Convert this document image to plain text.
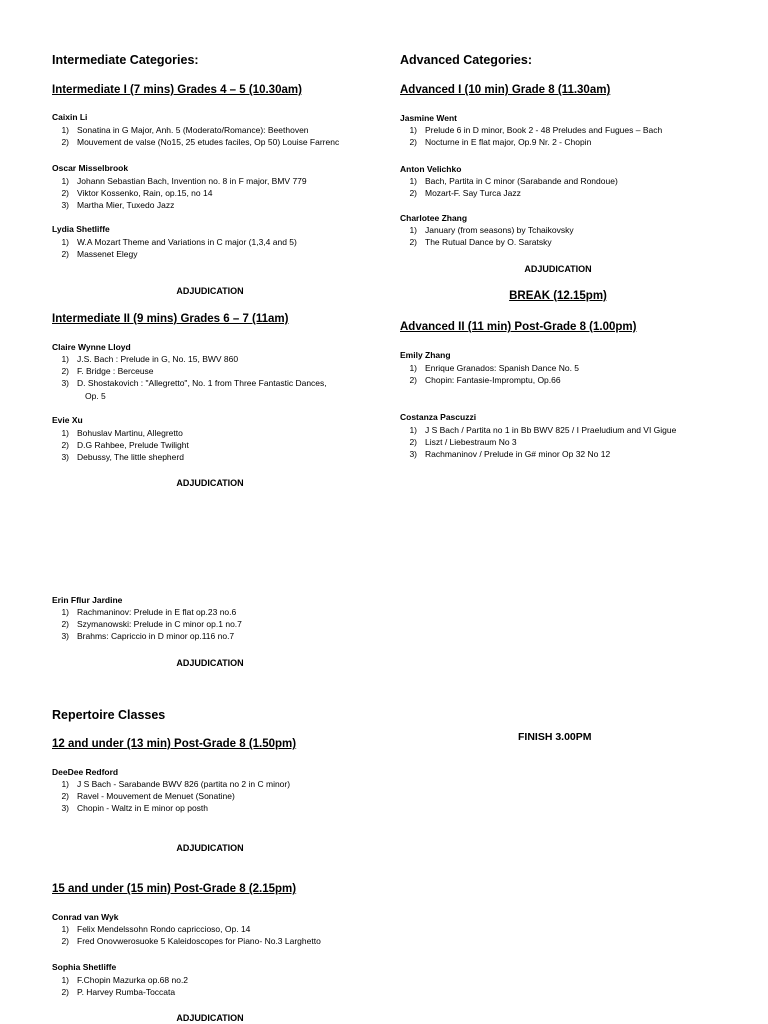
Intermediate Categories:
Intermediate I (7 mins) Grades 4 – 5 (10.30am)
Caixin Li
1) Sonatina in G Major, Anh. 5 (Moderato/Romance): Beethoven
2) Mouvement de valse (No15, 25 etudes faciles, Op 50) Louise Farrenc
Oscar Misselbrook
1) Johann Sebastian Bach, Invention no. 8 in F major, BMV 779
2) Viktor Kossenko, Rain, op.15, no 14
3) Martha Mier, Tuxedo Jazz
Lydia Shetliffe
1) W.A Mozart Theme and Variations in C major (1,3,4 and 5)
2) Massenet Elegy
ADJUDICATION
Intermediate II (9 mins) Grades 6 – 7 (11am)
Claire Wynne Lloyd
1) J.S. Bach : Prelude in G, No. 15, BWV 860
2) F. Bridge : Berceuse
3) D. Shostakovich : "Allegretto", No. 1 from Three Fantastic Dances,
Op. 5
Evie Xu
1) Bohuslav Martinu, Allegretto
2) D.G Rahbee, Prelude Twilight
3) Debussy, The little shepherd
ADJUDICATION
Erin Fflur Jardine
1) Rachmaninov: Prelude in E flat op.23 no.6
2) Szymanowski: Prelude in C minor op.1 no.7
3) Brahms: Capriccio in D minor op.116 no.7
ADJUDICATION
Repertoire Classes
12 and under (13 min) Post-Grade 8 (1.50pm)
DeeDee Redford
1) J S Bach - Sarabande BWV 826 (partita no 2 in C minor)
2) Ravel - Mouvement de Menuet (Sonatine)
3) Chopin - Waltz in E minor op posth
ADJUDICATION
15 and under (15 min) Post-Grade 8 (2.15pm)
Conrad van Wyk
1) Felix Mendelssohn Rondo capriccioso, Op. 14
2) Fred Onovwerosuoke 5 Kaleidoscopes for Piano- No.3 Larghetto
Sophia Shetliffe
1) F.Chopin Mazurka op.68 no.2
2) P. Harvey Rumba-Toccata
ADJUDICATION
Advanced Categories:
Advanced I (10 min) Grade 8 (11.30am)
Jasmine Went
1) Prelude 6 in D minor, Book 2 - 48 Preludes and Fugues – Bach
2) Nocturne in E flat major, Op.9 Nr. 2 - Chopin
Anton Velichko
1) Bach, Partita in C minor (Sarabande and Rondoue)
2) Mozart-F. Say Turca Jazz
Charlotee Zhang
1) January (from seasons) by Tchaikovsky
2) The Rutual Dance by O. Saratsky
ADJUDICATION
BREAK (12.15pm)
Advanced II (11 min) Post-Grade 8 (1.00pm)
Emily Zhang
1) Enrique Granados: Spanish Dance No. 5
2) Chopin: Fantasie-Impromptu, Op.66
Costanza Pascuzzi
1) J S Bach / Partita no 1 in Bb BWV 825 / I Praeludium and VI Gigue
2) Liszt / Liebestraum No 3
3) Rachmaninov / Prelude in G# minor Op 32 No 12
FINISH 3.00PM
